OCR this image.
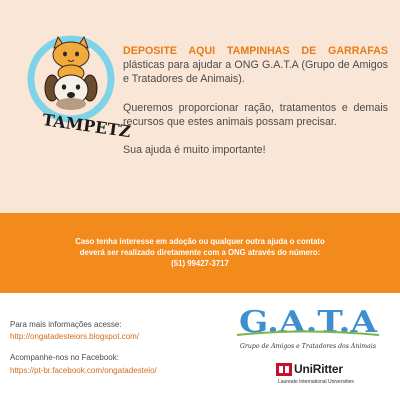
TAMPETZ

DEPOSITE AQUI TAMPINHAS DE GARRAFAS plásticas para ajudar a ONG G.A.T.A (Grupo de Amigos e Tratadores de Animais).

Queremos proporcionar ração, tratamentos e demais recursos que estes animais possam precisar.

Sua ajuda é muito importante!

Caso tenha interesse em adoção ou qualquer outra ajuda o contato
deverá ser realizado diretamente com a ONG através do número:
(51) 99427-3717
Para mais informações acesse:
http://ongatadesteiors.blogspot.com/
Acompanhe-nos no Facebook:
https://pt-br.facebook.com/ongatadesteio/
G.A.T.A
Grupo de Amigos e Tratadores dos Animais
UniRitter
Laureate International Universities
